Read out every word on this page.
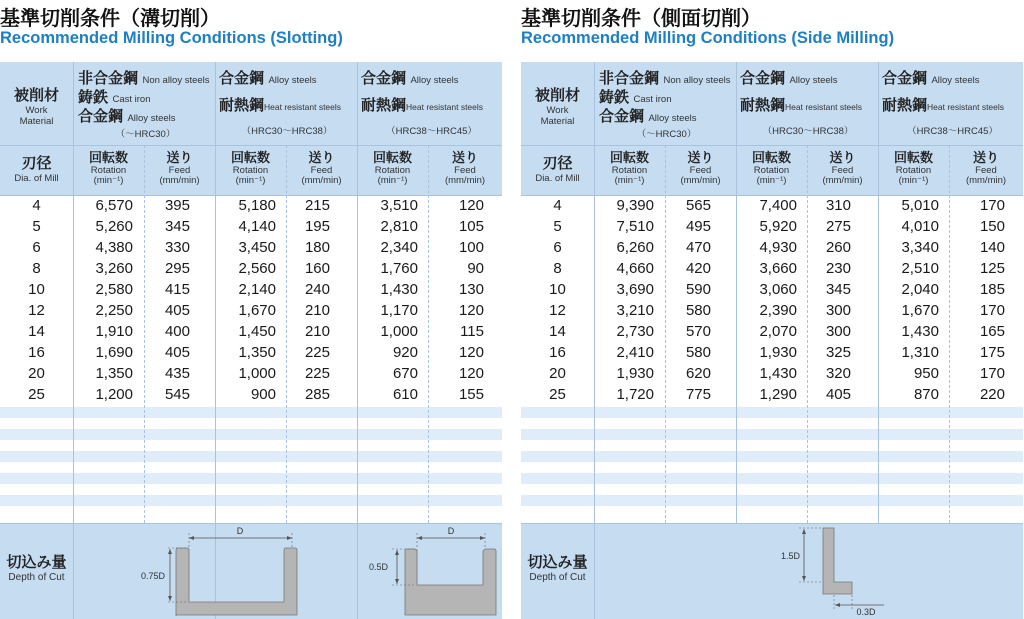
基準切削条件（溝切削）
Recommended Milling Conditions (Slotting)
被削材
Work
Material
非合金鋼 Non alloy steels
鋳鉄 Cast iron
合金鋼 Alloy steels
（～HRC30）
合金鋼 Alloy steels
耐熱鋼Heat resistant steels
（HRC30～HRC38）
合金鋼 Alloy steels
耐熱鋼Heat resistant steels
（HRC38～HRC45）
刃径
Dia. of Mill
回転数
Rotation
(min⁻¹)
送り
Feed
(mm/min)
回転数
Rotation
(min⁻¹)
送り
Feed
(mm/min)
回転数
Rotation
(min⁻¹)
送り
Feed
(mm/min)
4	6,570	395	5,180	215	3,510	120
5	5,260	345	4,140	195	2,810	105
6	4,380	330	3,450	180	2,340	100
8	3,260	295	2,560	160	1,760	90
10	2,580	415	2,140	240	1,430	130
12	2,250	405	1,670	210	1,170	120
14	1,910	400	1,450	210	1,000	115
16	1,690	405	1,350	225	920	120
20	1,350	435	1,000	225	670	120
25	1,200	545	900	285	610	155
切込み量
Depth of Cut
D
0.75D
D
0.5D
基準切削条件（側面切削）
Recommended Milling Conditions (Side Milling)
被削材
Work
Material
非合金鋼 Non alloy steels
鋳鉄 Cast iron
合金鋼 Alloy steels
（～HRC30）
合金鋼 Alloy steels
耐熱鋼Heat resistant steels
（HRC30～HRC38）
合金鋼 Alloy steels
耐熱鋼Heat resistant steels
（HRC38～HRC45）
刃径
Dia. of Mill
回転数
Rotation
(min⁻¹)
送り
Feed
(mm/min)
回転数
Rotation
(min⁻¹)
送り
Feed
(mm/min)
回転数
Rotation
(min⁻¹)
送り
Feed
(mm/min)
4	9,390	565	7,400	310	5,010	170
5	7,510	495	5,920	275	4,010	150
6	6,260	470	4,930	260	3,340	140
8	4,660	420	3,660	230	2,510	125
10	3,690	590	3,060	345	2,040	185
12	3,210	580	2,390	300	1,670	170
14	2,730	570	2,070	300	1,430	165
16	2,410	580	1,930	325	1,310	175
20	1,930	620	1,430	320	950	170
25	1,720	775	1,290	405	870	220
切込み量
Depth of Cut
1.5D
0.3D
